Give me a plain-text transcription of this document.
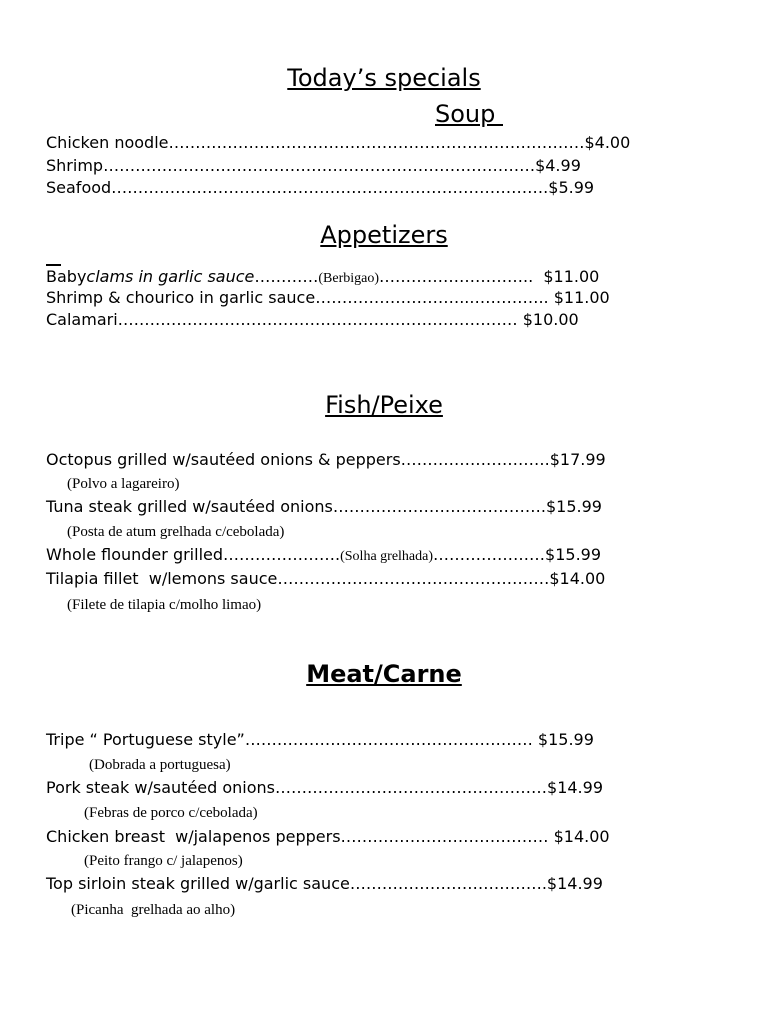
Today’s specials
Soup
Chicken noodle……………………………………………………………………$4.00
Shrimp………………………………………………………………………$4.99
Seafood……………………………………………………………………….$5.99
Appetizers
Babyclams in garlic sauce…………(Berbigao)………………………..  $11.00
Shrimp & chourico in garlic sauce………………………...………….. $11.00
Calamari………………………………………………………………… $10.00
Fish/Peixe
Octopus grilled w/sautéed onions & peppers……………………….$17.99
(Polvo a lagareiro)
Tuna steak grilled w/sautéed onions………………………………….$15.99
(Posta de atum grelhada c/cebolada)
Whole flounder grilled………………….(Solha grelhada)…………………$15.99
Tilapia fillet  w/lemons sauce……………………………………………$14.00
(Filete de tilapia c/molho limao)
Meat/Carne
Tripe “ Portuguese style”……………………………………………… $15.99
(Dobrada a portuguesa)
Pork steak w/sautéed onions……………………………………………$14.99
(Febras de porco c/cebolada)
Chicken breast  w/jalapenos peppers………………………………… $14.00
(Peito frango c/ jalapenos)
Top sirloin steak grilled w/garlic sauce……………………………….$14.99
(Picanha  grelhada ao alho)
